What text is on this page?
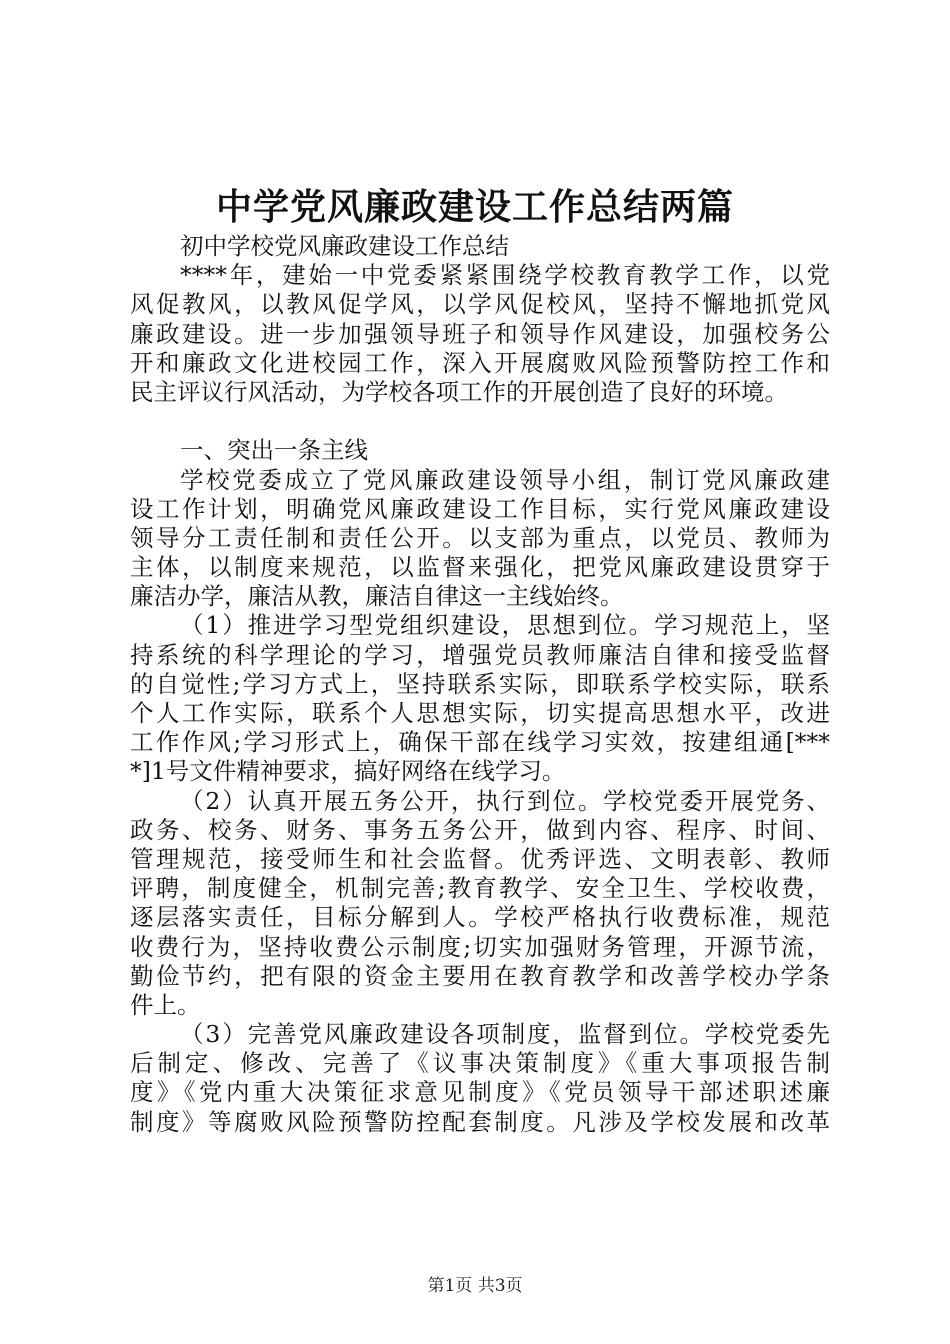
中学党风廉政建设工作总结两篇
初中学校党风廉政建设工作总结
****年，建始一中党委紧紧围绕学校教育教学工作，以党
风促教风，以教风促学风，以学风促校风，坚持不懈地抓党风
廉政建设。进一步加强领导班子和领导作风建设，加强校务公
开和廉政文化进校园工作，深入开展腐败风险预警防控工作和
民主评议行风活动，为学校各项工作的开展创造了良好的环境。
一、突出一条主线
学校党委成立了党风廉政建设领导小组，制订党风廉政建
设工作计划，明确党风廉政建设工作目标，实行党风廉政建设
领导分工责任制和责任公开。以支部为重点，以党员、教师为
主体，以制度来规范，以监督来强化，把党风廉政建设贯穿于
廉洁办学，廉洁从教，廉洁自律这一主线始终。
（1）推进学习型党组织建设，思想到位。学习规范上，坚
持系统的科学理论的学习，增强党员教师廉洁自律和接受监督
的自觉性;学习方式上，坚持联系实际，即联系学校实际，联系
个人工作实际，联系个人思想实际，切实提高思想水平，改进
工作作风;学习形式上，确保干部在线学习实效，按建组通[***
*]1号文件精神要求，搞好网络在线学习。
（2）认真开展五务公开，执行到位。学校党委开展党务、
政务、校务、财务、事务五务公开，做到内容、程序、时间、
管理规范，接受师生和社会监督。优秀评选、文明表彰、教师
评聘，制度健全，机制完善;教育教学、安全卫生、学校收费，
逐层落实责任，目标分解到人。学校严格执行收费标准，规范
收费行为，坚持收费公示制度;切实加强财务管理，开源节流，
勤俭节约，把有限的资金主要用在教育教学和改善学校办学条
件上。
（3）完善党风廉政建设各项制度，监督到位。学校党委先
后制定、修改、完善了《议事决策制度》《重大事项报告制
度》《党内重大决策征求意见制度》《党员领导干部述职述廉
制度》等腐败风险预警防控配套制度。凡涉及学校发展和改革
第1页 共3页
